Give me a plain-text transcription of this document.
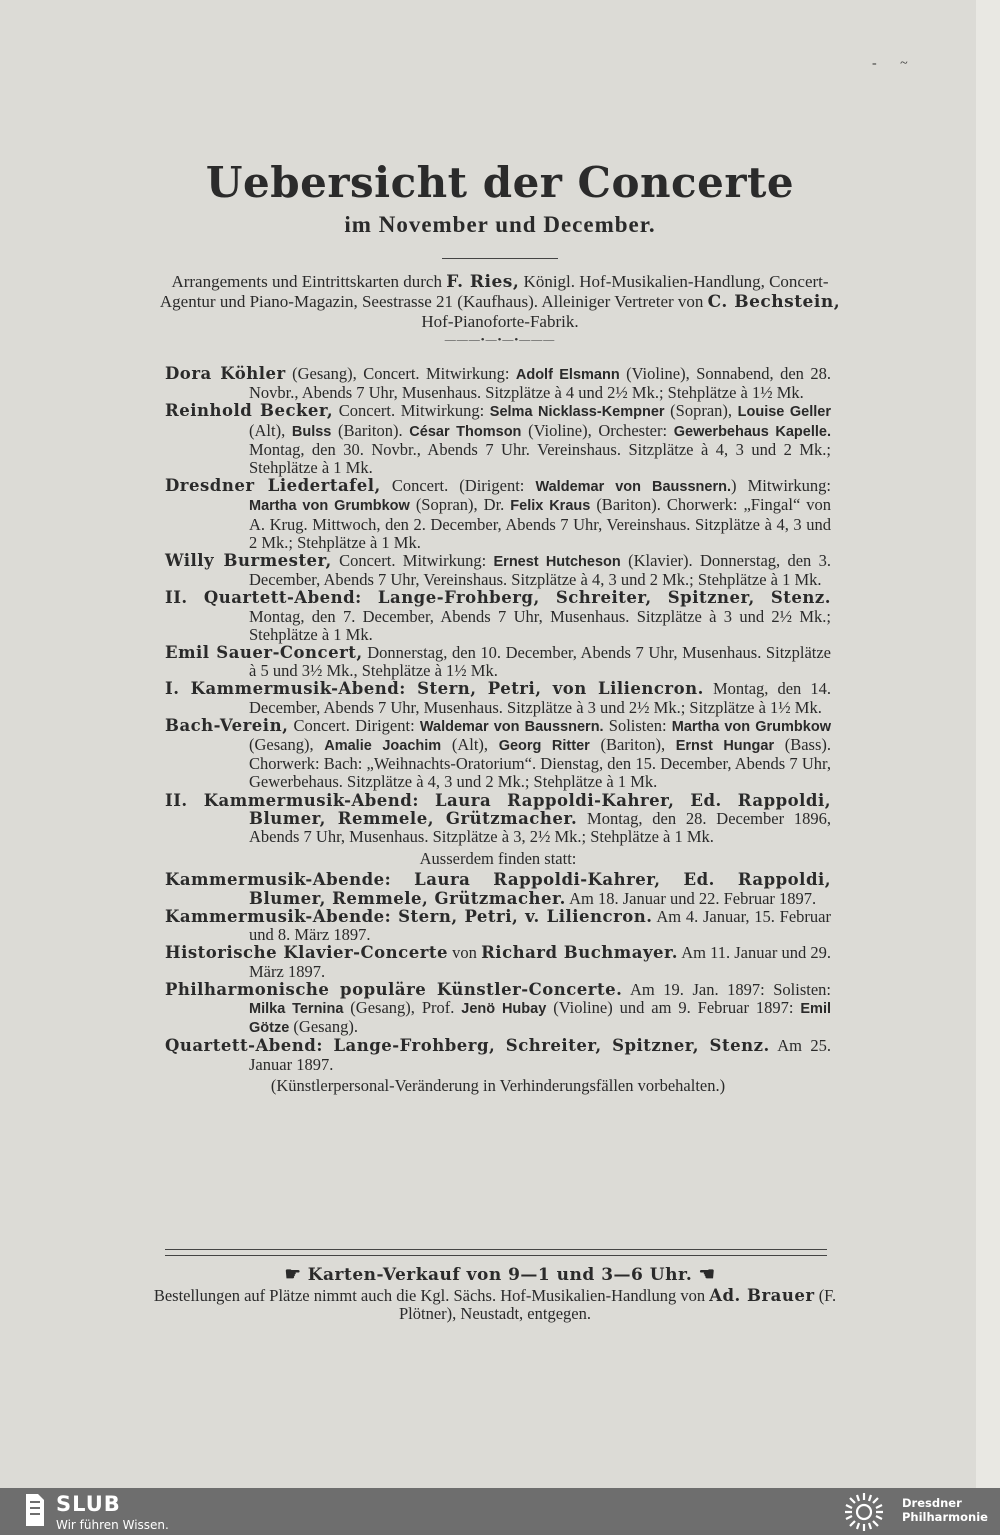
‐ ~
Uebersicht der Concerte
im November und December.
Arrangements und Eintrittskarten durch F. Ries, Königl. Hof-Musikalien-Handlung, Concert-Agentur und Piano-Magazin, Seestrasse 21 (Kaufhaus). Alleiniger Vertreter von C. Bechstein, Hof-Pianoforte-Fabrik.
———•—•—•———
Dora Köhler (Gesang), Concert. Mitwirkung: Adolf Elsmann (Violine), Sonnabend, den 28. Novbr., Abends 7 Uhr, Musenhaus. Sitzplätze à 4 und 2½ Mk.; Stehplätze à 1½ Mk.
Reinhold Becker, Concert. Mitwirkung: Selma Nicklass-Kempner (Sopran), Louise Geller (Alt), Bulss (Bariton). César Thomson (Violine), Orchester: Gewerbehaus Kapelle. Montag, den 30. Novbr., Abends 7 Uhr. Vereinshaus. Sitzplätze à 4, 3 und 2 Mk.; Stehplätze à 1 Mk.
Dresdner Liedertafel, Concert. (Dirigent: Waldemar von Baussnern.) Mitwirkung: Martha von Grumbkow (Sopran), Dr. Felix Kraus (Bariton). Chorwerk: „Fingal“ von A. Krug. Mittwoch, den 2. December, Abends 7 Uhr, Vereinshaus. Sitzplätze à 4, 3 und 2 Mk.; Stehplätze à 1 Mk.
Willy Burmester, Concert. Mitwirkung: Ernest Hutcheson (Klavier). Donnerstag, den 3. December, Abends 7 Uhr, Vereinshaus. Sitzplätze à 4, 3 und 2 Mk.; Stehplätze à 1 Mk.
II. Quartett-Abend: Lange-Frohberg, Schreiter, Spitzner, Stenz. Montag, den 7. December, Abends 7 Uhr, Musenhaus. Sitzplätze à 3 und 2½ Mk.; Stehplätze à 1 Mk.
Emil Sauer-Concert, Donnerstag, den 10. December, Abends 7 Uhr, Musenhaus. Sitzplätze à 5 und 3½ Mk., Stehplätze à 1½ Mk.
I. Kammermusik-Abend: Stern, Petri, von Liliencron. Montag, den 14. December, Abends 7 Uhr, Musenhaus. Sitzplätze à 3 und 2½ Mk.; Sitzplätze à 1½ Mk.
Bach-Verein, Concert. Dirigent: Waldemar von Baussnern. Solisten: Martha von Grumbkow (Gesang), Amalie Joachim (Alt), Georg Ritter (Bariton), Ernst Hungar (Bass). Chorwerk: Bach: „Weihnachts-Oratorium“. Dienstag, den 15. December, Abends 7 Uhr, Gewerbehaus. Sitzplätze à 4, 3 und 2 Mk.; Stehplätze à 1 Mk.
II. Kammermusik-Abend: Laura Rappoldi-Kahrer, Ed. Rappoldi, Blumer, Remmele, Grützmacher. Montag, den 28. December 1896, Abends 7 Uhr, Musenhaus. Sitzplätze à 3, 2½ Mk.; Stehplätze à 1 Mk.
Ausserdem finden statt:
Kammermusik-Abende: Laura Rappoldi-Kahrer, Ed. Rappoldi, Blumer, Remmele, Grützmacher. Am 18. Januar und 22. Februar 1897.
Kammermusik-Abende: Stern, Petri, v. Liliencron. Am 4. Januar, 15. Februar und 8. März 1897.
Historische Klavier-Concerte von Richard Buchmayer. Am 11. Januar und 29. März 1897.
Philharmonische populäre Künstler-Concerte. Am 19. Jan. 1897: Solisten: Milka Ternina (Gesang), Prof. Jenö Hubay (Violine) und am 9. Februar 1897: Emil Götze (Gesang).
Quartett-Abend: Lange-Frohberg, Schreiter, Spitzner, Stenz. Am 25. Januar 1897.
(Künstlerpersonal-Veränderung in Verhinderungsfällen vorbehalten.)
☛ Karten-Verkauf von 9—1 und 3—6 Uhr. ☚
Bestellungen auf Plätze nimmt auch die Kgl. Sächs. Hof-Musikalien-Handlung von Ad. Brauer (F. Plötner), Neustadt, entgegen.
SLUB
Wir führen Wissen.
Dresdner
Philharmonie
